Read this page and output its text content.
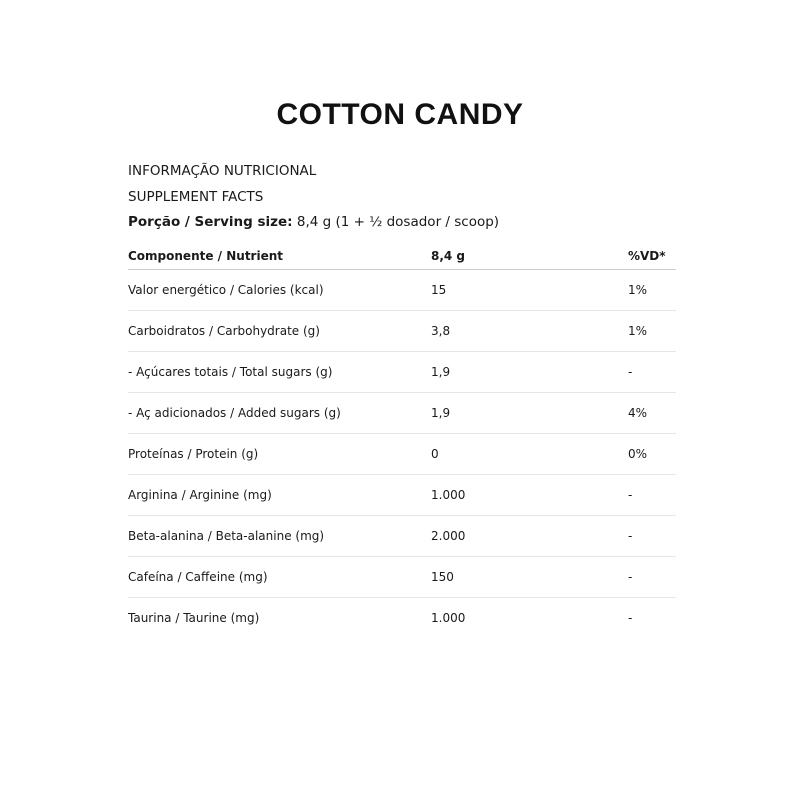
COTTON CANDY
INFORMAÇÃO NUTRICIONAL
SUPPLEMENT FACTS
Porção / Serving size: 8,4 g (1 + ½ dosador / scoop)
Componente / Nutrient	8,4 g	%VD*
Valor energético / Calories (kcal)	15	1%
Carboidratos / Carbohydrate (g)	3,8	1%
- Açúcares totais / Total sugars (g)	1,9	-
- Aç adicionados / Added sugars (g)	1,9	4%
Proteínas / Protein (g)	0	0%
Arginina / Arginine (mg)	1.000	-
Beta-alanina / Beta-alanine (mg)	2.000	-
Cafeína / Caffeine (mg)	150	-
Taurina / Taurine (mg)	1.000	-
